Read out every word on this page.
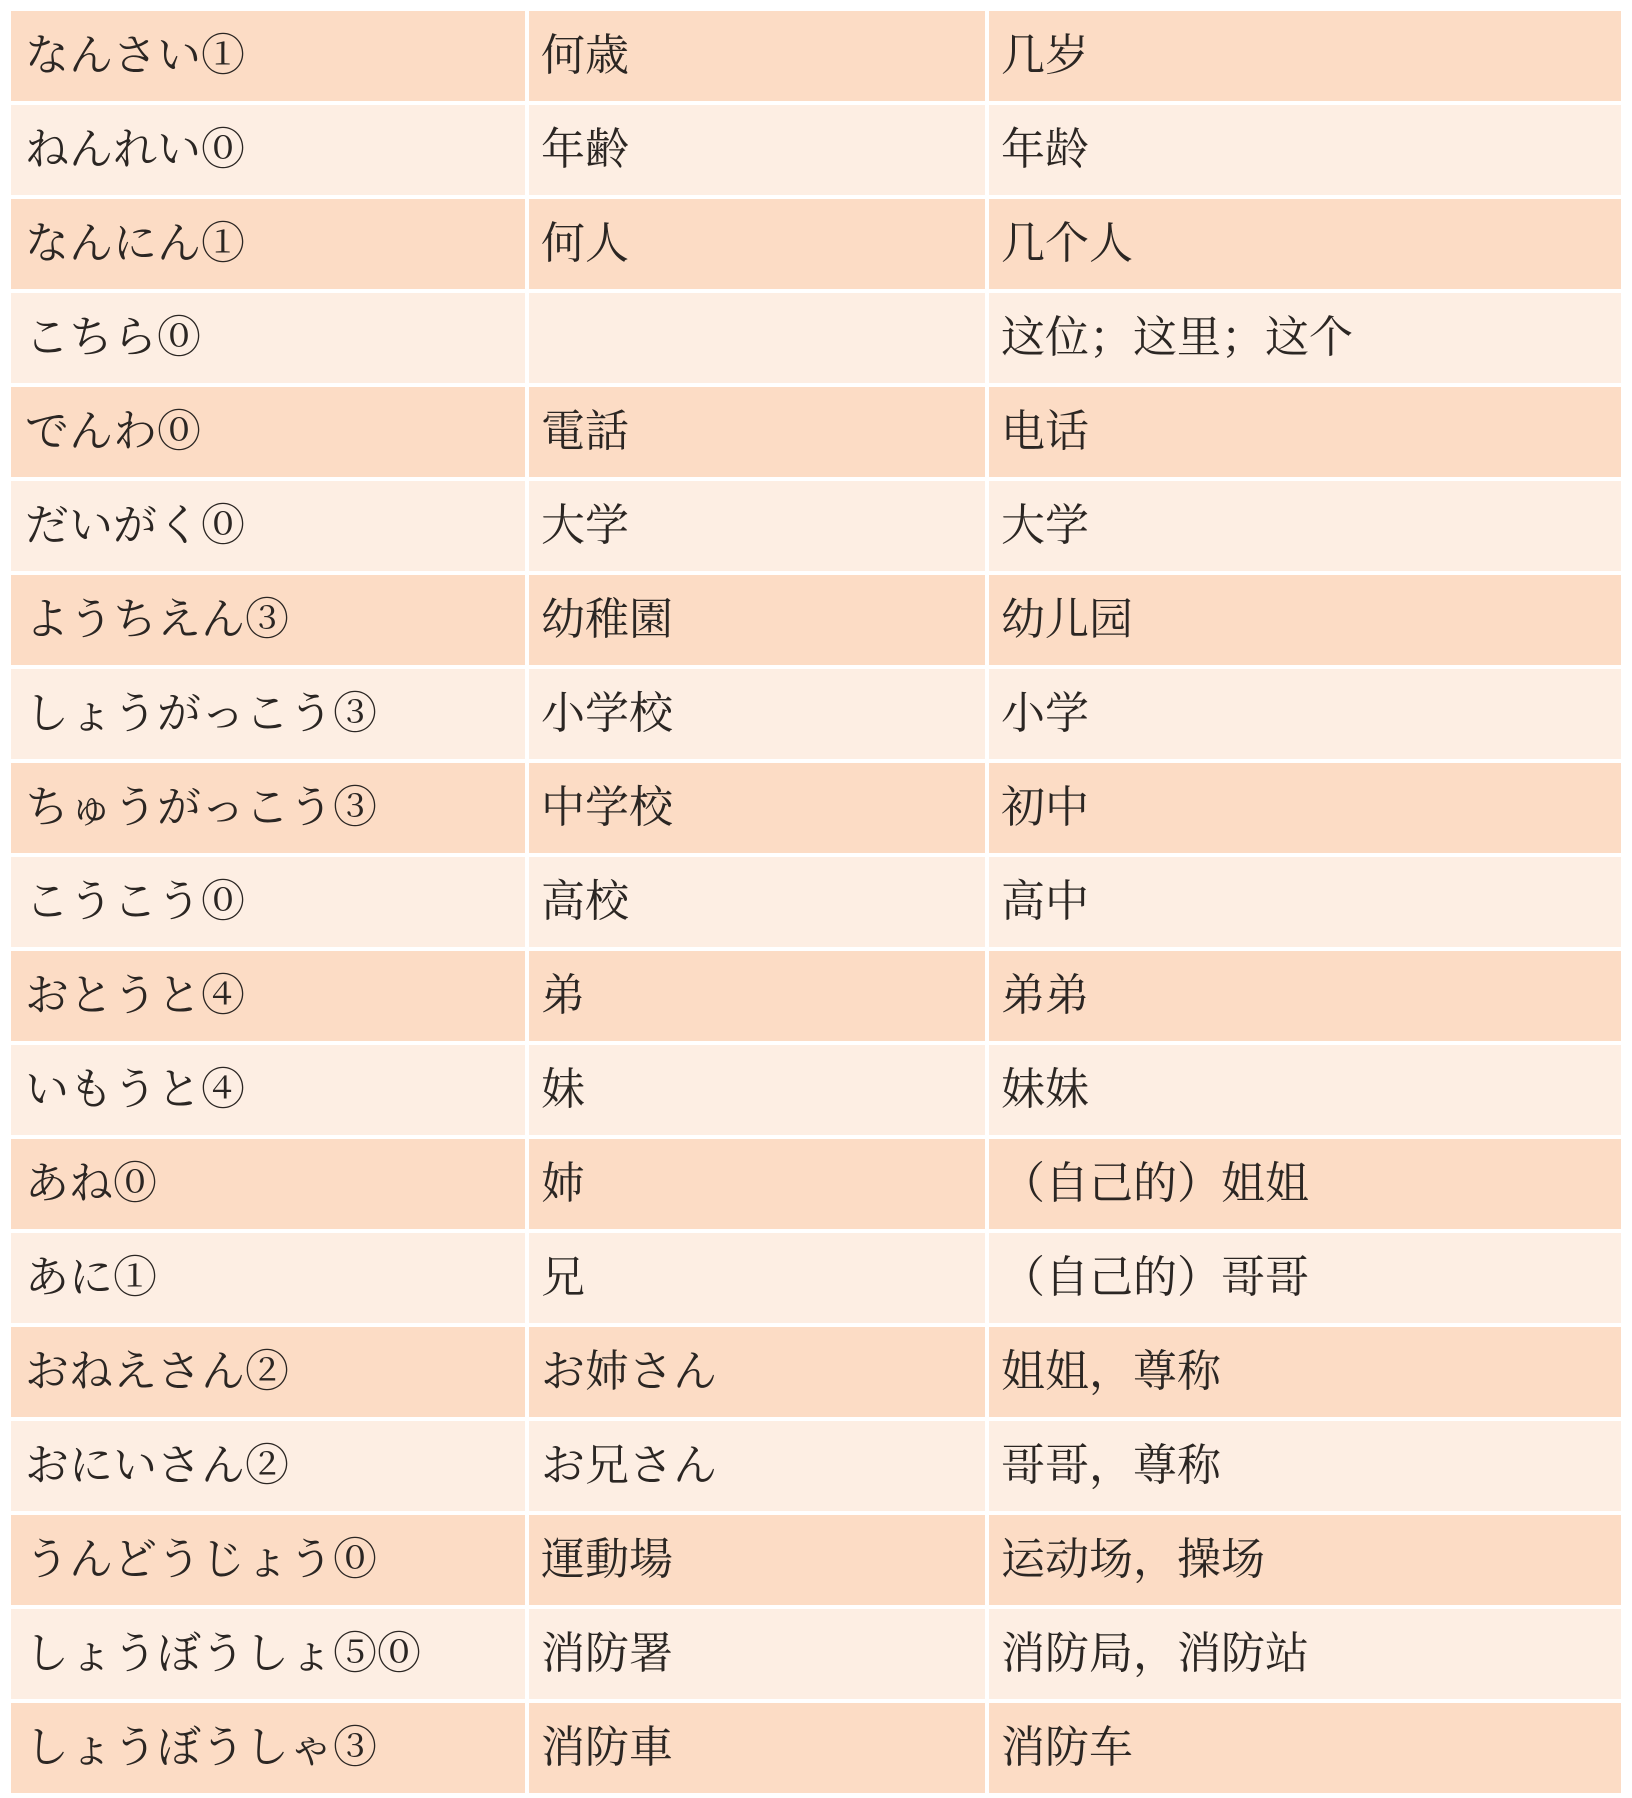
なんさい①	何歳	几岁
ねんれい⓪	年齢	年龄
なんにん①	何人	几个人
こちら⓪		这位；这里；这个
でんわ⓪	電話	电话
だいがく⓪	大学	大学
ようちえん③	幼稚園	幼儿园
しょうがっこう③	小学校	小学
ちゅうがっこう③	中学校	初中
こうこう⓪	高校	高中
おとうと④	弟	弟弟
いもうと④	妹	妹妹
あね⓪	姉	（自己的）姐姐
あに①	兄	（自己的）哥哥
おねえさん②	お姉さん	姐姐，尊称
おにいさん②	お兄さん	哥哥，尊称
うんどうじょう⓪	運動場	运动场，操场
しょうぼうしょ⑤⓪	消防署	消防局，消防站
しょうぼうしゃ③	消防車	消防车
